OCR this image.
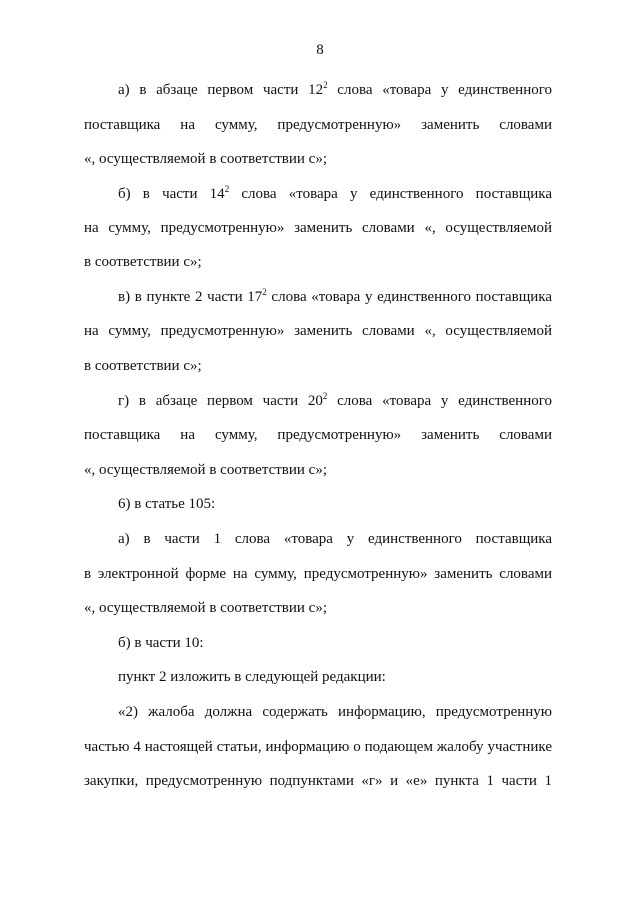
8
а) в абзаце первом части $12^2$ слова «товара у единственного
поставщика на сумму, предусмотренную» заменить словами
«, осуществляемой в соответствии с»;
б) в части $14^2$ слова «товара у единственного поставщика
на сумму, предусмотренную» заменить словами «, осуществляемой
в соответствии с»;
в) в пункте 2 части $17^2$ слова «товара у единственного поставщика
на сумму, предусмотренную» заменить словами «, осуществляемой
в соответствии с»;
г) в абзаце первом части $20^2$ слова «товара у единственного
поставщика на сумму, предусмотренную» заменить словами
«, осуществляемой в соответствии с»;
6) в статье 105:
а) в части 1 слова «товара у единственного поставщика
в электронной форме на сумму, предусмотренную» заменить словами
«, осуществляемой в соответствии с»;
б) в части 10:
пункт 2 изложить в следующей редакции:
«2) жалоба должна содержать информацию, предусмотренную
частью 4 настоящей статьи, информацию о подающем жалобу участнике
закупки, предусмотренную подпунктами «г» и «е» пункта 1 части 1
